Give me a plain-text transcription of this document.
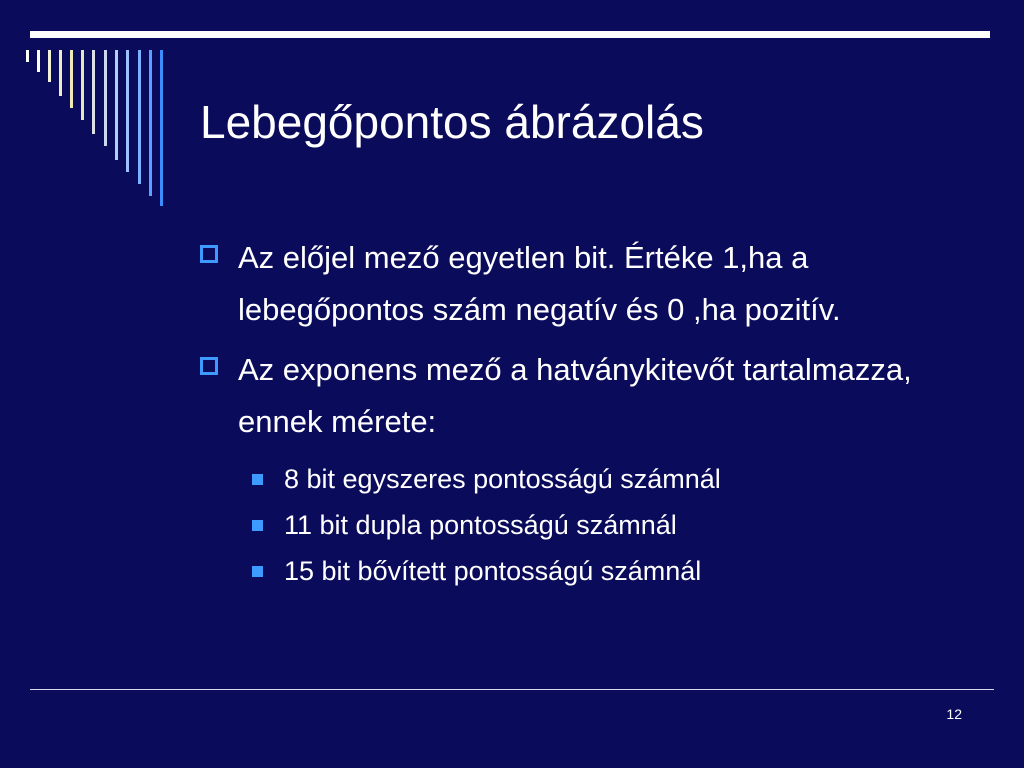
Lebegőpontos ábrázolás
Az előjel mező egyetlen bit. Értéke 1,ha a lebegőpontos szám negatív és 0 ,ha pozitív.
Az exponens mező a hatványkitevőt tartalmazza, ennek mérete:
8 bit egyszeres pontosságú számnál
11 bit dupla pontosságú számnál
15 bit bővített pontosságú számnál
12
